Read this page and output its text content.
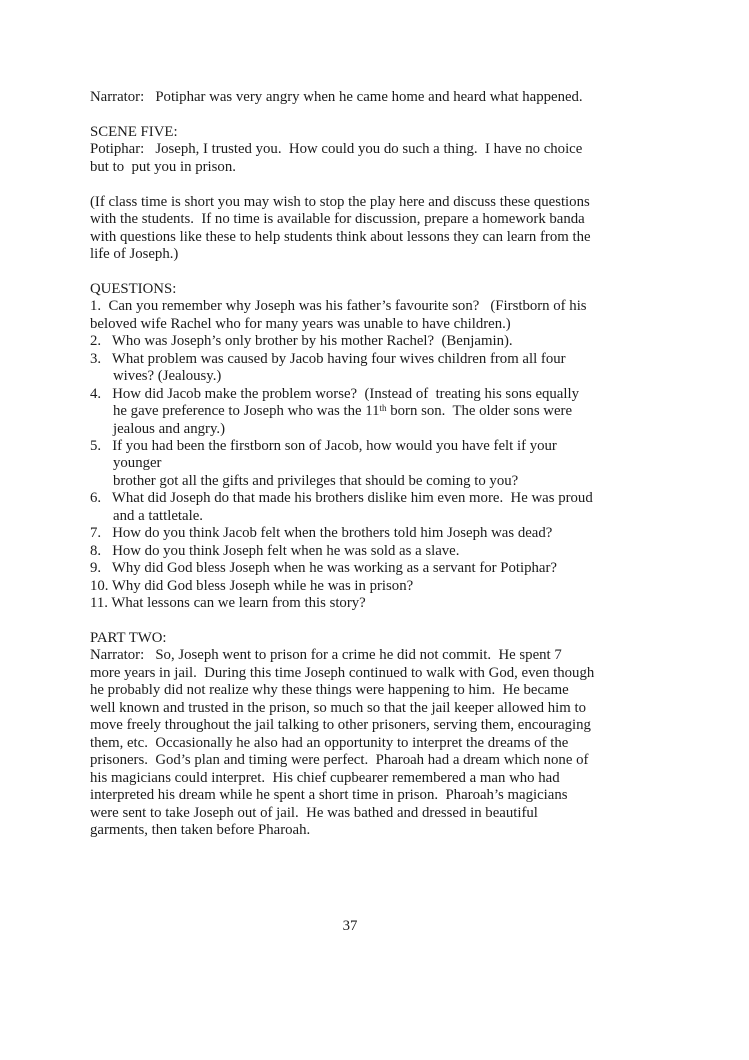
Narrator:   Potiphar was very angry when he came home and heard what happened.
SCENE FIVE:
Potiphar:   Joseph, I trusted you.  How could you do such a thing.  I have no choice
but to  put you in prison.
(If class time is short you may wish to stop the play here and discuss these questions
with the students.  If no time is available for discussion, prepare a homework banda
with questions like these to help students think about lessons they can learn from the
life of Joseph.)
QUESTIONS:
1.  Can you remember why Joseph was his father’s favourite son?   (Firstborn of his
beloved wife Rachel who for many years was unable to have children.)
2.   Who was Joseph’s only brother by his mother Rachel?  (Benjamin).
3.   What problem was caused by Jacob having four wives children from all four
wives? (Jealousy.)
4.   How did Jacob make the problem worse?  (Instead of  treating his sons equally
he gave preference to Joseph who was the 11th born son.  The older sons were
jealous and angry.)
5.   If you had been the firstborn son of Jacob, how would you have felt if your
younger
brother got all the gifts and privileges that should be coming to you?
6.   What did Joseph do that made his brothers dislike him even more.  He was proud
and a tattletale.
7.   How do you think Jacob felt when the brothers told him Joseph was dead?
8.   How do you think Joseph felt when he was sold as a slave.
9.   Why did God bless Joseph when he was working as a servant for Potiphar?
10. Why did God bless Joseph while he was in prison?
11. What lessons can we learn from this story?
PART TWO:
Narrator:   So, Joseph went to prison for a crime he did not commit.  He spent 7
more years in jail.  During this time Joseph continued to walk with God, even though
he probably did not realize why these things were happening to him.  He became
well known and trusted in the prison, so much so that the jail keeper allowed him to
move freely throughout the jail talking to other prisoners, serving them, encouraging
them, etc.  Occasionally he also had an opportunity to interpret the dreams of the
prisoners.  God’s plan and timing were perfect.  Pharoah had a dream which none of
his magicians could interpret.  His chief cupbearer remembered a man who had
interpreted his dream while he spent a short time in prison.  Pharoah’s magicians
were sent to take Joseph out of jail.  He was bathed and dressed in beautiful
garments, then taken before Pharoah.
37
